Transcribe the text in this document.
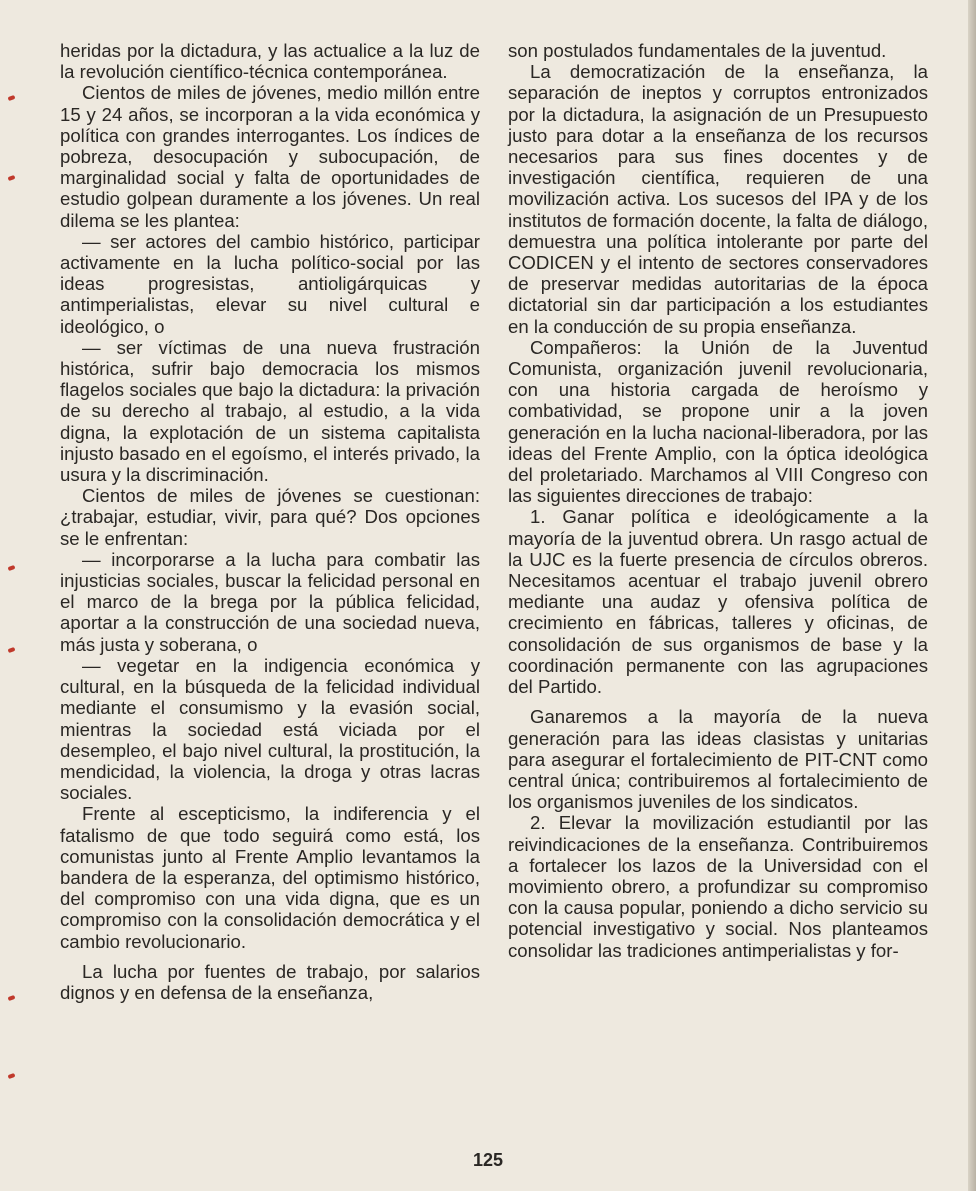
heridas por la dictadura, y las actualice a la luz de la revolución científico-técnica contemporánea.

Cientos de miles de jóvenes, medio millón entre 15 y 24 años, se incorporan a la vida económica y política con grandes interrogantes. Los índices de pobreza, desocupación y subocupación, de marginalidad social y falta de oportunidades de estudio golpean duramente a los jóvenes. Un real dilema se les plantea:

— ser actores del cambio histórico, participar activamente en la lucha político-social por las ideas progresistas, antioligárquicas y antimperialistas, elevar su nivel cultural e ideológico, o

— ser víctimas de una nueva frustración histórica, sufrir bajo democracia los mismos flagelos sociales que bajo la dictadura: la privación de su derecho al trabajo, al estudio, a la vida digna, la explotación de un sistema capitalista injusto basado en el egoísmo, el interés privado, la usura y la discriminación.

Cientos de miles de jóvenes se cuestionan: ¿trabajar, estudiar, vivir, para qué? Dos opciones se le enfrentan:

— incorporarse a la lucha para combatir las injusticias sociales, buscar la felicidad personal en el marco de la brega por la pública felicidad, aportar a la construcción de una sociedad nueva, más justa y soberana, o

— vegetar en la indigencia económica y cultural, en la búsqueda de la felicidad individual mediante el consumismo y la evasión social, mientras la sociedad está viciada por el desempleo, el bajo nivel cultural, la prostitución, la mendicidad, la violencia, la droga y otras lacras sociales.

Frente al escepticismo, la indiferencia y el fatalismo de que todo seguirá como está, los comunistas junto al Frente Amplio levantamos la bandera de la esperanza, del optimismo histórico, del compromiso con una vida digna, que es un compromiso con la consolidación democrática y el cambio revolucionario.

La lucha por fuentes de trabajo, por salarios dignos y en defensa de la enseñanza,

son postulados fundamentales de la juventud.

La democratización de la enseñanza, la separación de ineptos y corruptos entronizados por la dictadura, la asignación de un Presupuesto justo para dotar a la enseñanza de los recursos necesarios para sus fines docentes y de investigación científica, requieren de una movilización activa. Los sucesos del IPA y de los institutos de formación docente, la falta de diálogo, demuestra una política intolerante por parte del CODICEN y el intento de sectores conservadores de preservar medidas autoritarias de la época dictatorial sin dar participación a los estudiantes en la conducción de su propia enseñanza.

Compañeros: la Unión de la Juventud Comunista, organización juvenil revolucionaria, con una historia cargada de heroísmo y combatividad, se propone unir a la joven generación en la lucha nacional-liberadora, por las ideas del Frente Amplio, con la óptica ideológica del proletariado. Marchamos al VIII Congreso con las siguientes direcciones de trabajo:

1. Ganar política e ideológicamente a la mayoría de la juventud obrera. Un rasgo actual de la UJC es la fuerte presencia de círculos obreros. Necesitamos acentuar el trabajo juvenil obrero mediante una audaz y ofensiva política de crecimiento en fábricas, talleres y oficinas, de consolidación de sus organismos de base y la coordinación permanente con las agrupaciones del Partido.

Ganaremos a la mayoría de la nueva generación para las ideas clasistas y unitarias para asegurar el fortalecimiento de PIT-CNT como central única; contribuiremos al fortalecimiento de los organismos juveniles de los sindicatos.

2. Elevar la movilización estudiantil por las reivindicaciones de la enseñanza. Contribuiremos a fortalecer los lazos de la Universidad con el movimiento obrero, a profundizar su compromiso con la causa popular, poniendo a dicho servicio su potencial investigativo y social. Nos planteamos consolidar las tradiciones antimperialistas y for-

125
